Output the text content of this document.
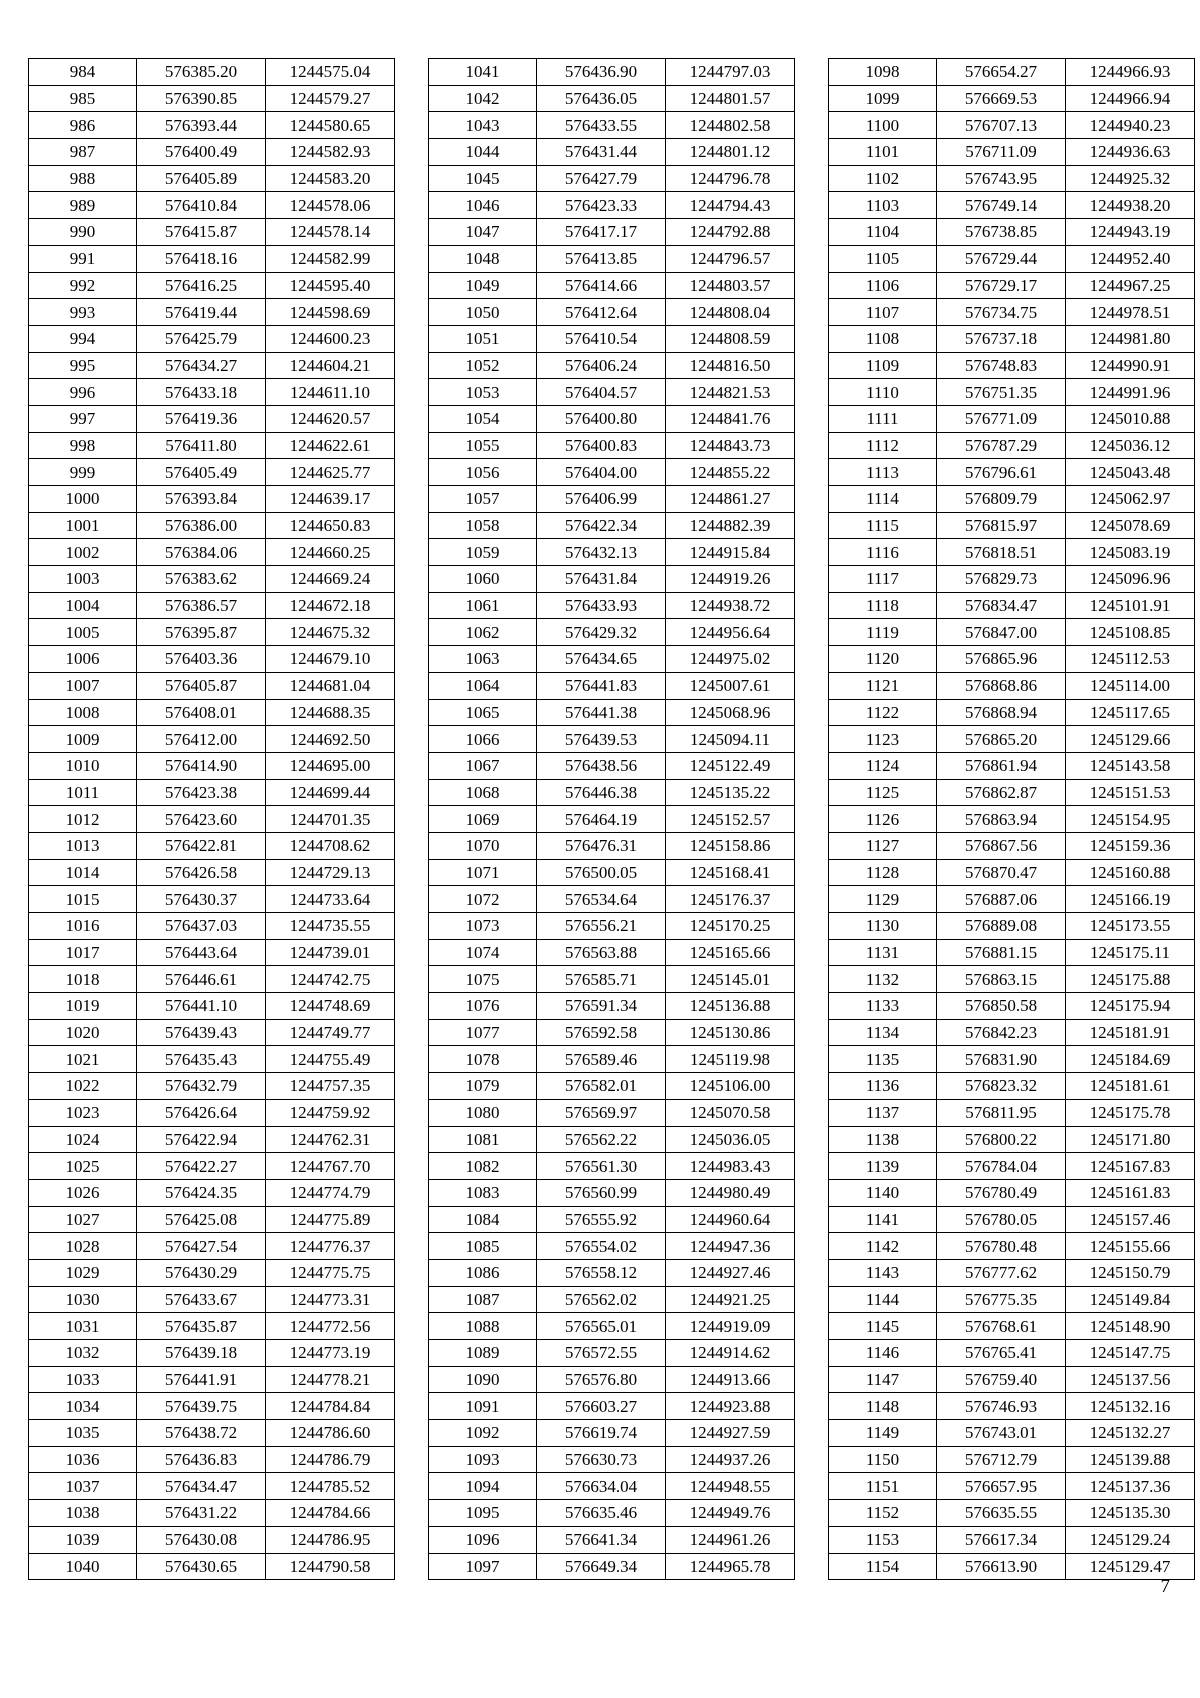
984	576385.20	1244575.04
985	576390.85	1244579.27
986	576393.44	1244580.65
987	576400.49	1244582.93
988	576405.89	1244583.20
989	576410.84	1244578.06
990	576415.87	1244578.14
991	576418.16	1244582.99
992	576416.25	1244595.40
993	576419.44	1244598.69
994	576425.79	1244600.23
995	576434.27	1244604.21
996	576433.18	1244611.10
997	576419.36	1244620.57
998	576411.80	1244622.61
999	576405.49	1244625.77
1000	576393.84	1244639.17
1001	576386.00	1244650.83
1002	576384.06	1244660.25
1003	576383.62	1244669.24
1004	576386.57	1244672.18
1005	576395.87	1244675.32
1006	576403.36	1244679.10
1007	576405.87	1244681.04
1008	576408.01	1244688.35
1009	576412.00	1244692.50
1010	576414.90	1244695.00
1011	576423.38	1244699.44
1012	576423.60	1244701.35
1013	576422.81	1244708.62
1014	576426.58	1244729.13
1015	576430.37	1244733.64
1016	576437.03	1244735.55
1017	576443.64	1244739.01
1018	576446.61	1244742.75
1019	576441.10	1244748.69
1020	576439.43	1244749.77
1021	576435.43	1244755.49
1022	576432.79	1244757.35
1023	576426.64	1244759.92
1024	576422.94	1244762.31
1025	576422.27	1244767.70
1026	576424.35	1244774.79
1027	576425.08	1244775.89
1028	576427.54	1244776.37
1029	576430.29	1244775.75
1030	576433.67	1244773.31
1031	576435.87	1244772.56
1032	576439.18	1244773.19
1033	576441.91	1244778.21
1034	576439.75	1244784.84
1035	576438.72	1244786.60
1036	576436.83	1244786.79
1037	576434.47	1244785.52
1038	576431.22	1244784.66
1039	576430.08	1244786.95
1040	576430.65	1244790.58
1041	576436.90	1244797.03
1042	576436.05	1244801.57
1043	576433.55	1244802.58
1044	576431.44	1244801.12
1045	576427.79	1244796.78
1046	576423.33	1244794.43
1047	576417.17	1244792.88
1048	576413.85	1244796.57
1049	576414.66	1244803.57
1050	576412.64	1244808.04
1051	576410.54	1244808.59
1052	576406.24	1244816.50
1053	576404.57	1244821.53
1054	576400.80	1244841.76
1055	576400.83	1244843.73
1056	576404.00	1244855.22
1057	576406.99	1244861.27
1058	576422.34	1244882.39
1059	576432.13	1244915.84
1060	576431.84	1244919.26
1061	576433.93	1244938.72
1062	576429.32	1244956.64
1063	576434.65	1244975.02
1064	576441.83	1245007.61
1065	576441.38	1245068.96
1066	576439.53	1245094.11
1067	576438.56	1245122.49
1068	576446.38	1245135.22
1069	576464.19	1245152.57
1070	576476.31	1245158.86
1071	576500.05	1245168.41
1072	576534.64	1245176.37
1073	576556.21	1245170.25
1074	576563.88	1245165.66
1075	576585.71	1245145.01
1076	576591.34	1245136.88
1077	576592.58	1245130.86
1078	576589.46	1245119.98
1079	576582.01	1245106.00
1080	576569.97	1245070.58
1081	576562.22	1245036.05
1082	576561.30	1244983.43
1083	576560.99	1244980.49
1084	576555.92	1244960.64
1085	576554.02	1244947.36
1086	576558.12	1244927.46
1087	576562.02	1244921.25
1088	576565.01	1244919.09
1089	576572.55	1244914.62
1090	576576.80	1244913.66
1091	576603.27	1244923.88
1092	576619.74	1244927.59
1093	576630.73	1244937.26
1094	576634.04	1244948.55
1095	576635.46	1244949.76
1096	576641.34	1244961.26
1097	576649.34	1244965.78
1098	576654.27	1244966.93
1099	576669.53	1244966.94
1100	576707.13	1244940.23
1101	576711.09	1244936.63
1102	576743.95	1244925.32
1103	576749.14	1244938.20
1104	576738.85	1244943.19
1105	576729.44	1244952.40
1106	576729.17	1244967.25
1107	576734.75	1244978.51
1108	576737.18	1244981.80
1109	576748.83	1244990.91
1110	576751.35	1244991.96
1111	576771.09	1245010.88
1112	576787.29	1245036.12
1113	576796.61	1245043.48
1114	576809.79	1245062.97
1115	576815.97	1245078.69
1116	576818.51	1245083.19
1117	576829.73	1245096.96
1118	576834.47	1245101.91
1119	576847.00	1245108.85
1120	576865.96	1245112.53
1121	576868.86	1245114.00
1122	576868.94	1245117.65
1123	576865.20	1245129.66
1124	576861.94	1245143.58
1125	576862.87	1245151.53
1126	576863.94	1245154.95
1127	576867.56	1245159.36
1128	576870.47	1245160.88
1129	576887.06	1245166.19
1130	576889.08	1245173.55
1131	576881.15	1245175.11
1132	576863.15	1245175.88
1133	576850.58	1245175.94
1134	576842.23	1245181.91
1135	576831.90	1245184.69
1136	576823.32	1245181.61
1137	576811.95	1245175.78
1138	576800.22	1245171.80
1139	576784.04	1245167.83
1140	576780.49	1245161.83
1141	576780.05	1245157.46
1142	576780.48	1245155.66
1143	576777.62	1245150.79
1144	576775.35	1245149.84
1145	576768.61	1245148.90
1146	576765.41	1245147.75
1147	576759.40	1245137.56
1148	576746.93	1245132.16
1149	576743.01	1245132.27
1150	576712.79	1245139.88
1151	576657.95	1245137.36
1152	576635.55	1245135.30
1153	576617.34	1245129.24
1154	576613.90	1245129.47
7
